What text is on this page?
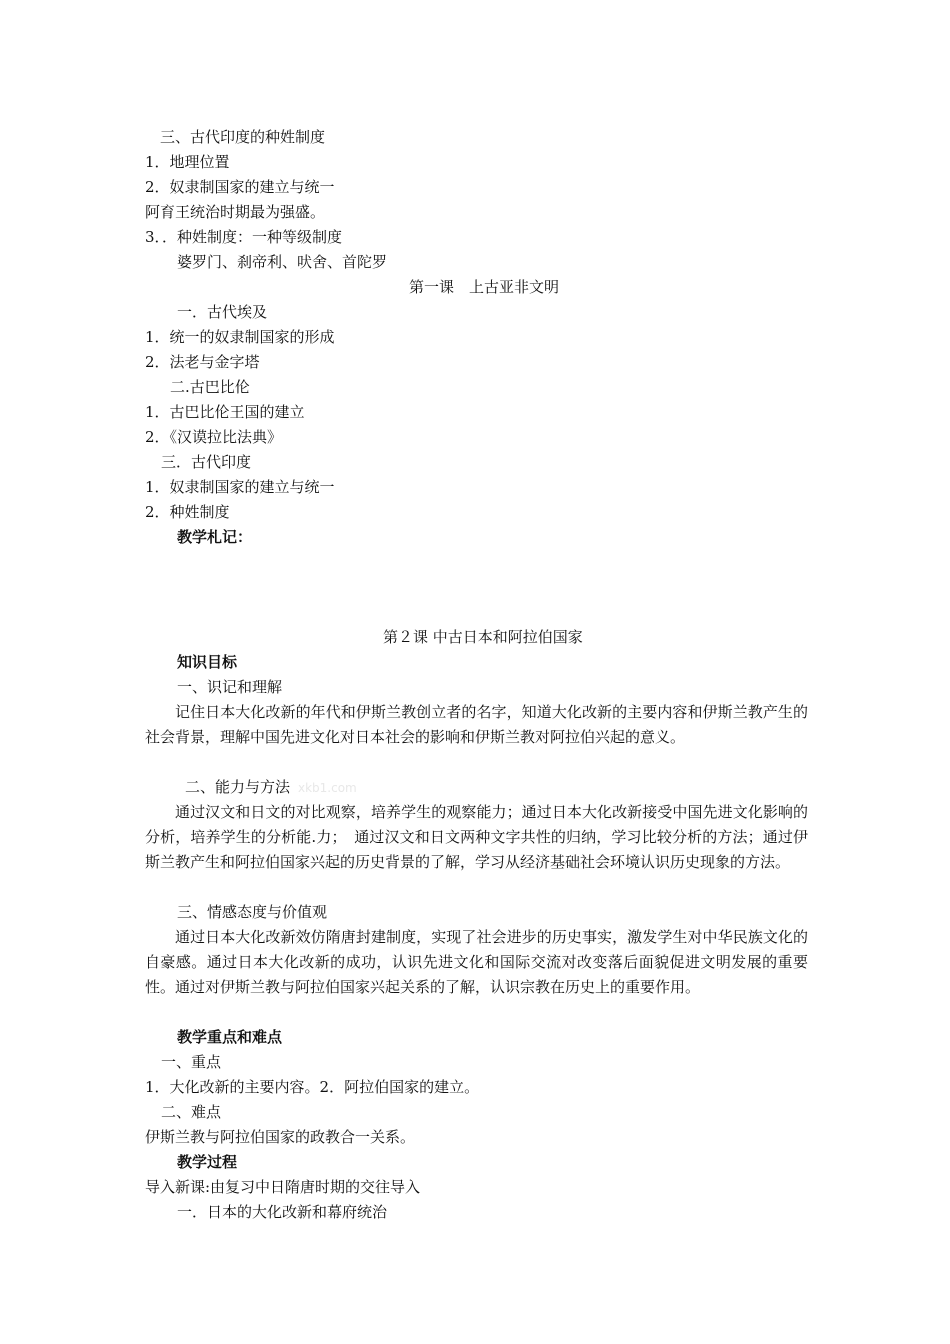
三、古代印度的种姓制度
1．地理位置
2．奴隶制国家的建立与统一
阿育王统治时期最为强盛。
3．．种姓制度：一种等级制度
婆罗门、刹帝利、吠舍、首陀罗
第一课　上古亚非文明
一．古代埃及
1．统一的奴隶制国家的形成
2．法老与金字塔
二.古巴比伦
1．古巴比伦王国的建立
2．《汉谟拉比法典》
三．古代印度
1．奴隶制国家的建立与统一
2．种姓制度
教学札记：
第２课 中古日本和阿拉伯国家
知识目标
一、识记和理解
记住日本大化改新的年代和伊斯兰教创立者的名字，知道大化改新的主要内容和伊斯兰教产生的社会背景，理解中国先进文化对日本社会的影响和伊斯兰教对阿拉伯兴起的意义。
二、能力与方法
通过汉文和日文的对比观察，培养学生的观察能力；通过日本大化改新接受中国先进文化影响的分析，培养学生的分析能.力；　通过汉文和日文两种文字共性的归纳，学习比较分析的方法；通过伊斯兰教产生和阿拉伯国家兴起的历史背景的了解，学习从经济基础社会环境认识历史现象的方法。
三、情感态度与价值观
通过日本大化改新效仿隋唐封建制度，实现了社会进步的历史事实，激发学生对中华民族文化的自豪感。通过日本大化改新的成功，认识先进文化和国际交流对改变落后面貌促进文明发展的重要性。通过对伊斯兰教与阿拉伯国家兴起关系的了解，认识宗教在历史上的重要作用。
教学重点和难点
一、重点
1．大化改新的主要内容。2．阿拉伯国家的建立。
二、难点
伊斯兰教与阿拉伯国家的政教合一关系。
教学过程
导入新课:由复习中日隋唐时期的交往导入
一．日本的大化改新和幕府统治
xkb1.com
